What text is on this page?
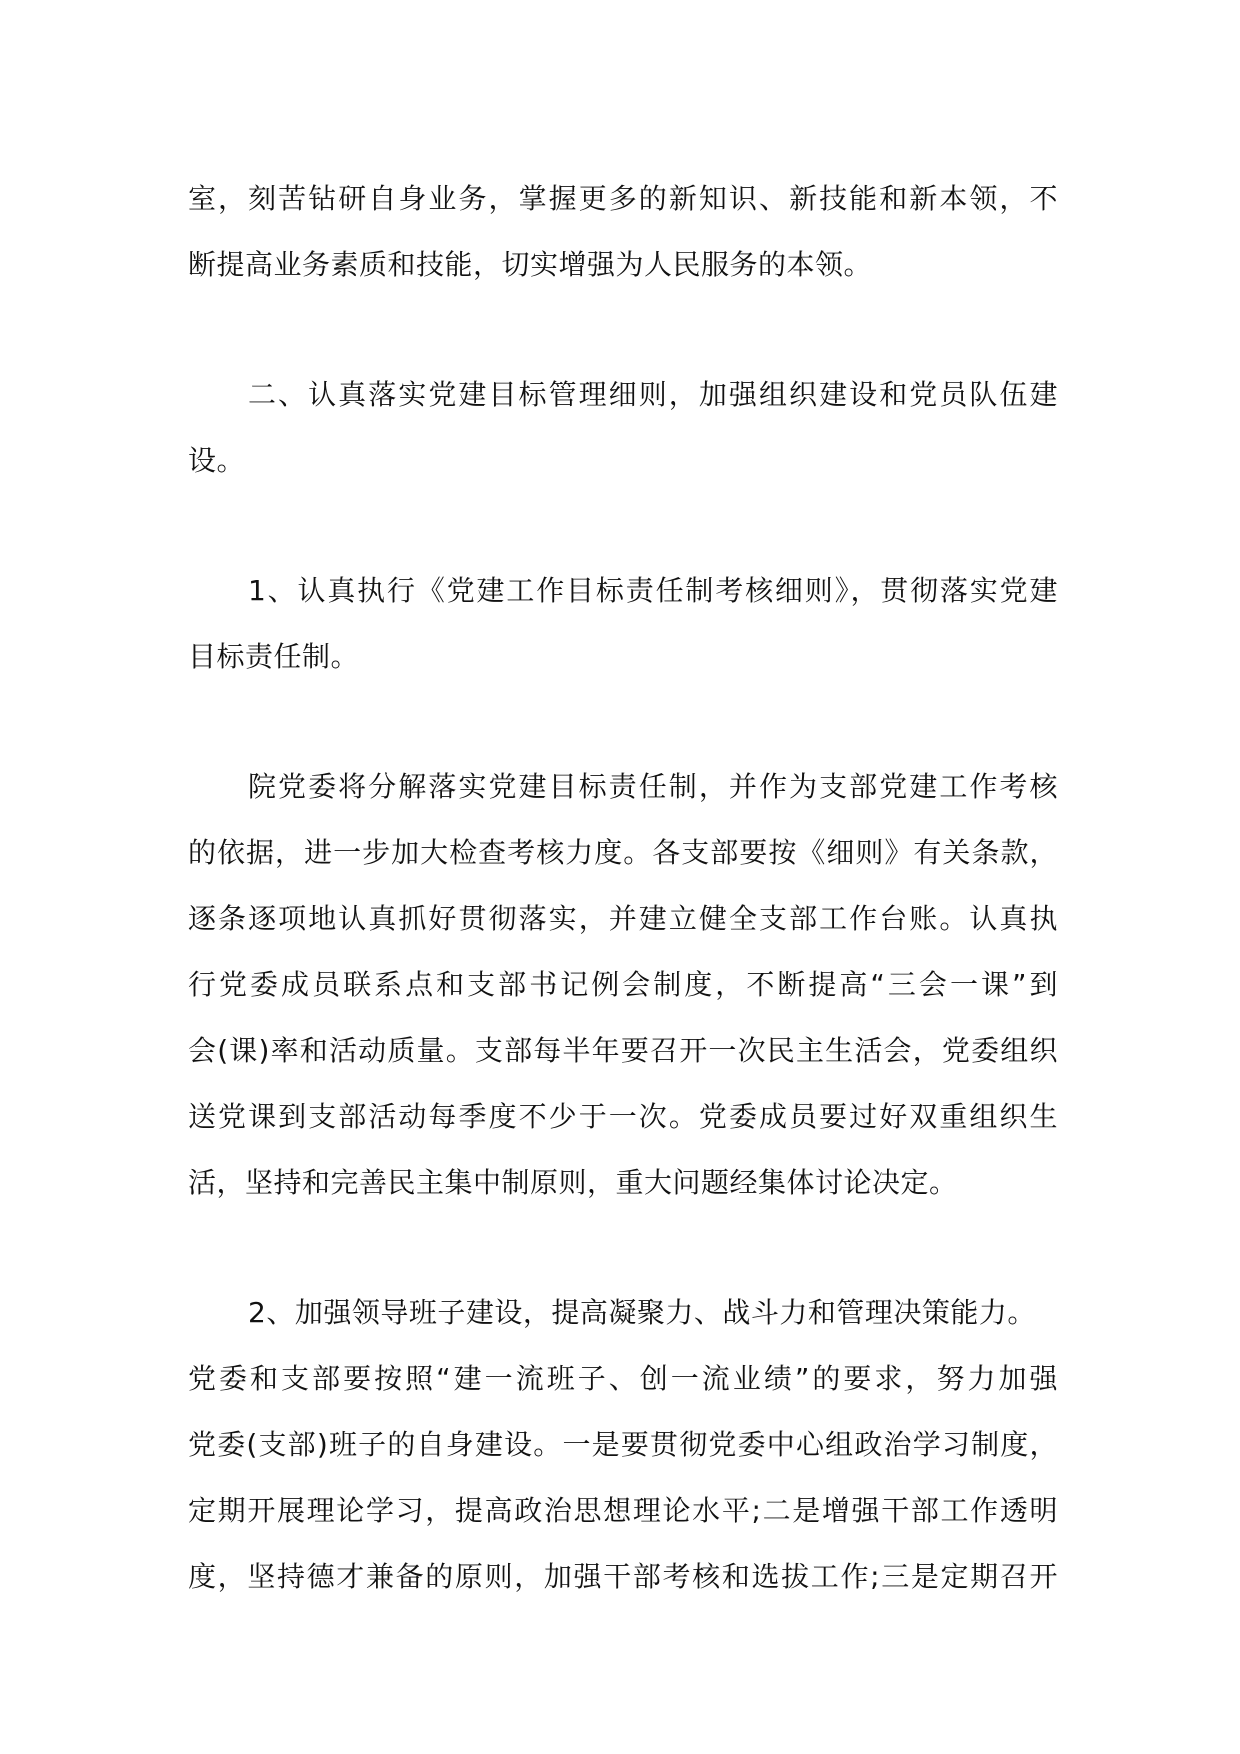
室，刻苦钻研自身业务，掌握更多的新知识、新技能和新本领，不
断提高业务素质和技能，切实增强为人民服务的本领。

二、认真落实党建目标管理细则，加强组织建设和党员队伍建
设。

1、认真执行《党建工作目标责任制考核细则》，贯彻落实党建
目标责任制。

院党委将分解落实党建目标责任制，并作为支部党建工作考核
的依据，进一步加大检查考核力度。各支部要按《细则》有关条款，
逐条逐项地认真抓好贯彻落实，并建立健全支部工作台账。认真执
行党委成员联系点和支部书记例会制度，不断提高“三会一课”到
会(课)率和活动质量。支部每半年要召开一次民主生活会，党委组织
送党课到支部活动每季度不少于一次。党委成员要过好双重组织生
活，坚持和完善民主集中制原则，重大问题经集体讨论决定。

2、加强领导班子建设，提高凝聚力、战斗力和管理决策能力。
党委和支部要按照“建一流班子、创一流业绩”的要求，努力加强
党委(支部)班子的自身建设。一是要贯彻党委中心组政治学习制度，
定期开展理论学习，提高政治思想理论水平;二是增强干部工作透明
度，坚持德才兼备的原则，加强干部考核和选拔工作;三是定期召开
